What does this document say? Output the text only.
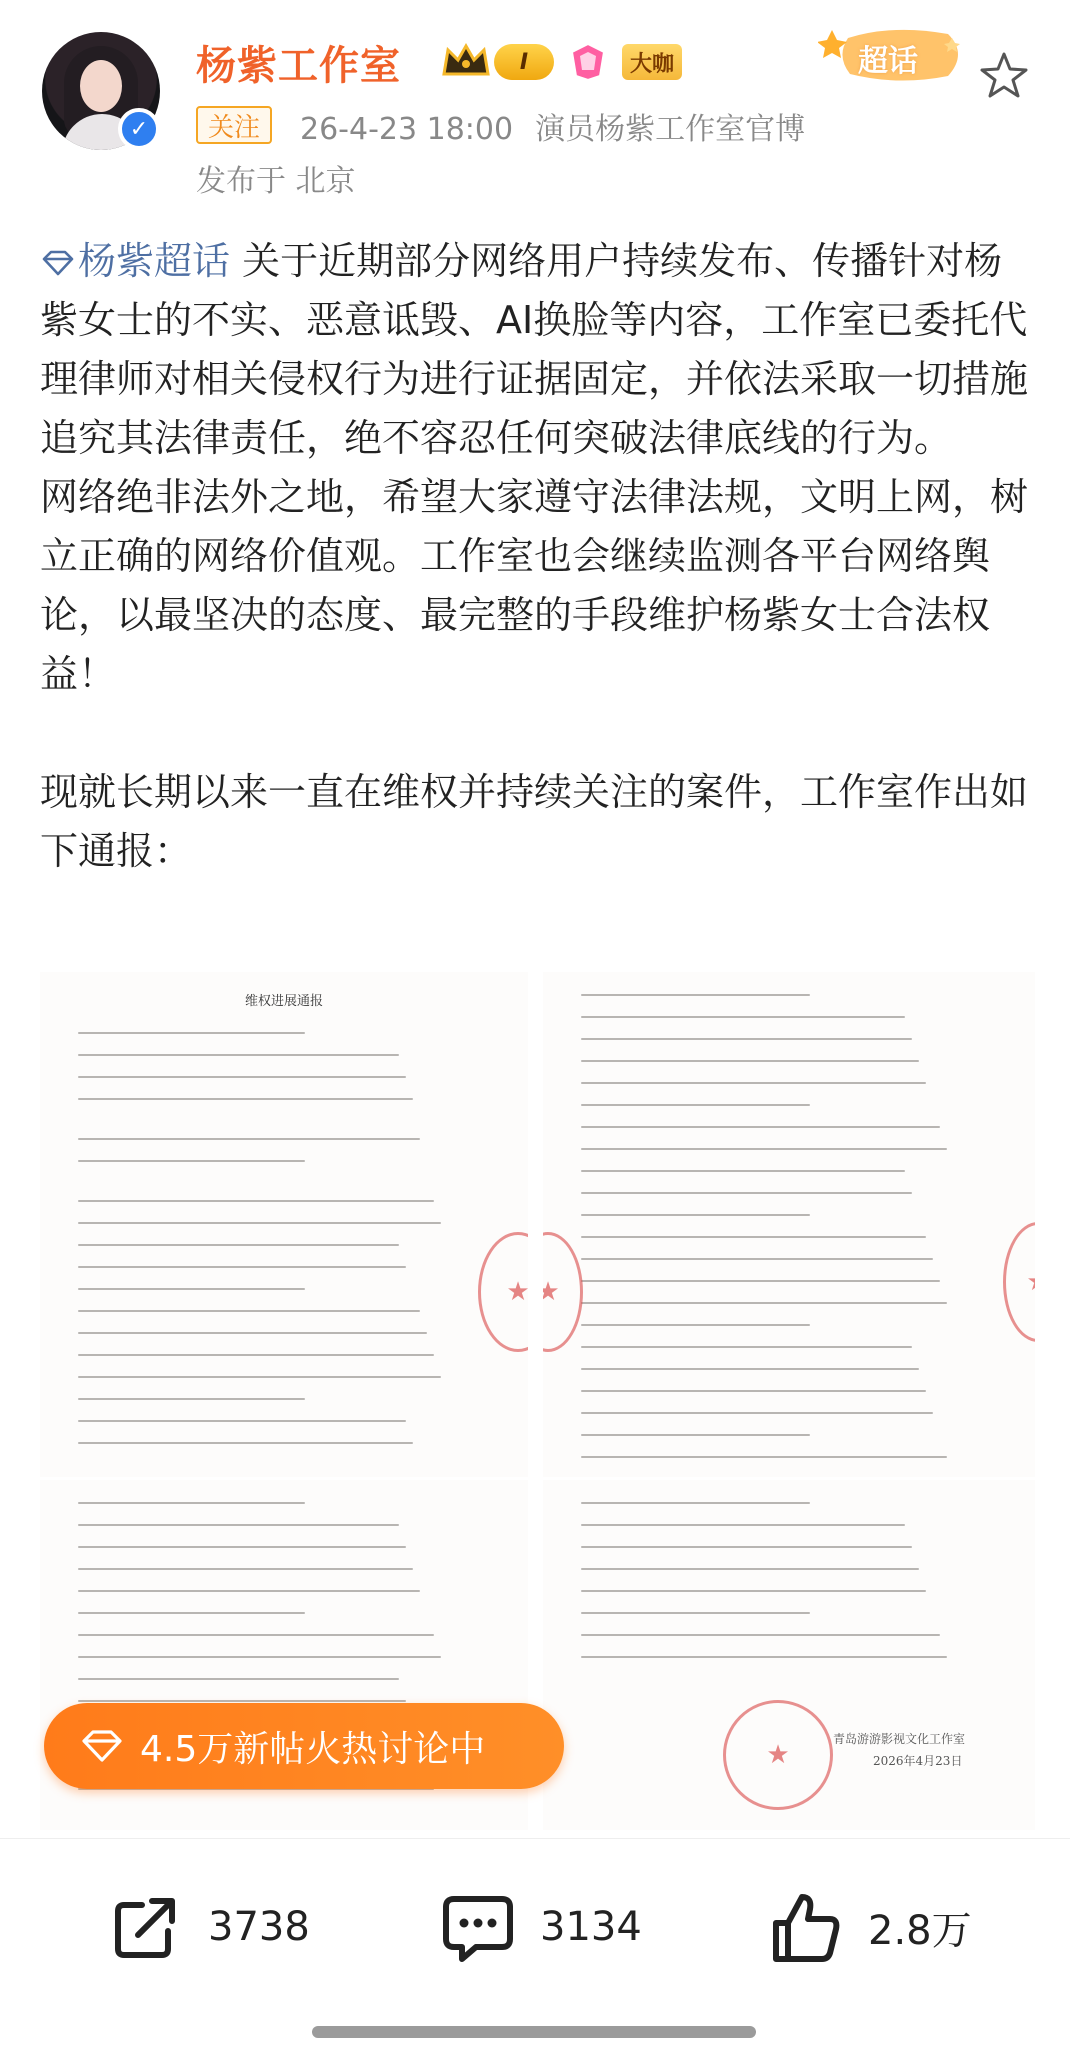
✓
杨紫工作室	I	大咖	超话
关注	26-4-23 18:00 演员杨紫工作室官博
发布于 北京

杨紫超话 关于近期部分网络用户持续发布、传播针对杨紫女士的不实、恶意诋毁、AI换脸等内容，工作室已委托代理律师对相关侵权行为进行证据固定，并依法采取一切措施追究其法律责任，绝不容忍任何突破法律底线的行为。

网络绝非法外之地，希望大家遵守法律法规，文明上网，树立正确的网络价值观。工作室也会继续监测各平台网络舆论，以最坚决的态度、最完整的手段维护杨紫女士合法权益！

现就长期以来一直在维权并持续关注的案件，工作室作出如下通报：

维权进展通报
★
★
★
★
青岛游游影视文化工作室
2026年4月23日
4.5万新帖火热讨论中
3738	3134	2.8万
